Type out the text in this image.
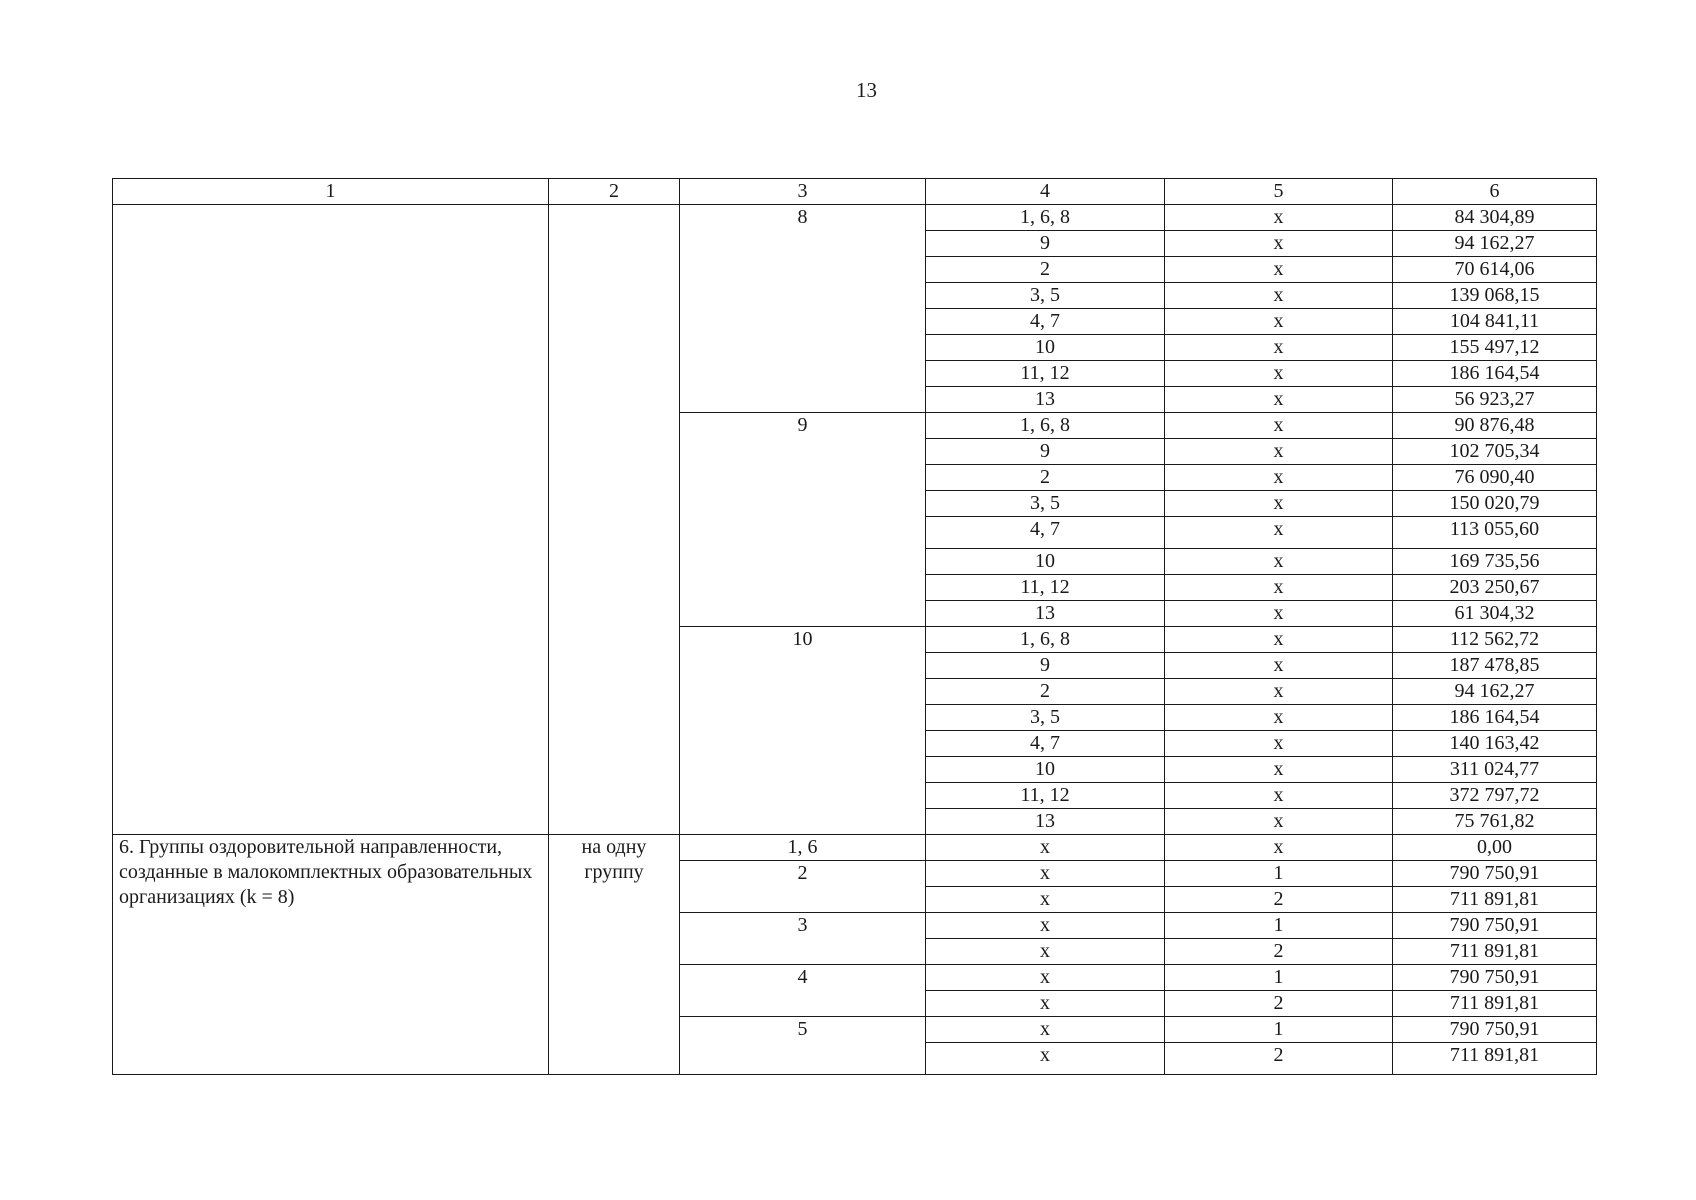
13
1	2	3	4	5	6
		8	1, 6, 8	x	84 304,89
			9	x	94 162,27
			2	x	70 614,06
			3, 5	x	139 068,15
			4, 7	x	104 841,11
			10	x	155 497,12
			11, 12	x	186 164,54
			13	x	56 923,27
		9	1, 6, 8	x	90 876,48
			9	x	102 705,34
			2	x	76 090,40
			3, 5	x	150 020,79
			4, 7	x	113 055,60
			10	x	169 735,56
			11, 12	x	203 250,67
			13	x	61 304,32
		10	1, 6, 8	x	112 562,72
			9	x	187 478,85
			2	x	94 162,27
			3, 5	x	186 164,54
			4, 7	x	140 163,42
			10	x	311 024,77
			11, 12	x	372 797,72
			13	x	75 761,82
6. Группы оздоровительной направленности, созданные в малокомплектных образовательных организациях (k = 8)	на одну группу	1, 6	x	x	0,00
		2	x	1	790 750,91
			x	2	711 891,81
		3	x	1	790 750,91
			x	2	711 891,81
		4	x	1	790 750,91
			x	2	711 891,81
		5	x	1	790 750,91
			x	2	711 891,81
